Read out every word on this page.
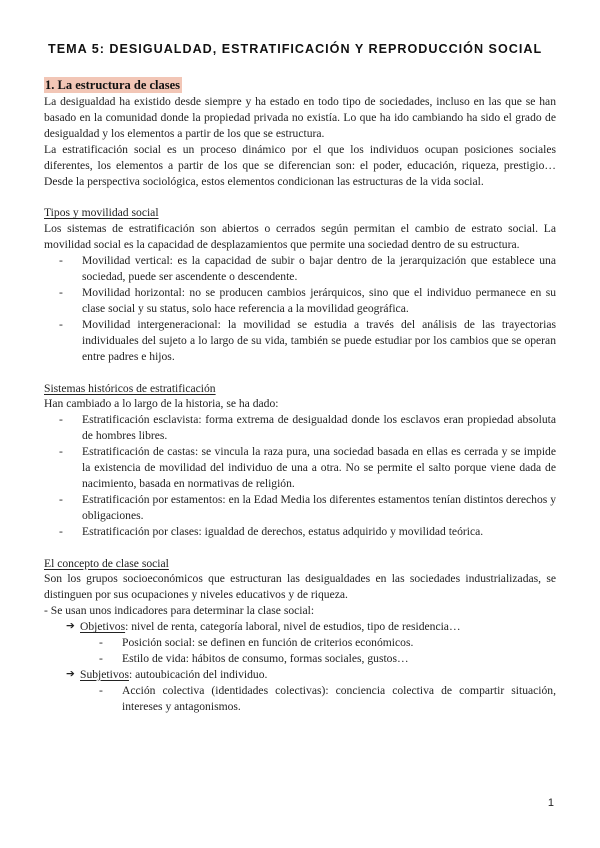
TEMA 5: DESIGUALDAD, ESTRATIFICACIÓN Y REPRODUCCIÓN SOCIAL
1. La estructura de clases

La desigualdad ha existido desde siempre y ha estado en todo tipo de sociedades, incluso en las que se han basado en la comunidad donde la propiedad privada no existía. Lo que ha ido cambiando ha sido el grado de desigualdad y los elementos a partir de los que se estructura.

La estratificación social es un proceso dinámico por el que los individuos ocupan posiciones sociales diferentes, los elementos a partir de los que se diferencian son: el poder, educación, riqueza, prestigio… Desde la perspectiva sociológica, estos elementos condicionan las estructuras de la vida social.

Tipos y movilidad social

Los sistemas de estratificación son abiertos o cerrados según permitan el cambio de estrato social. La movilidad social es la capacidad de desplazamientos que permite una sociedad dentro de su estructura.

- Movilidad vertical: es la capacidad de subir o bajar dentro de la jerarquización que establece una sociedad, puede ser ascendente o descendente.
- Movilidad horizontal: no se producen cambios jerárquicos, sino que el individuo permanece en su clase social y su status, solo hace referencia a la movilidad geográfica.
- Movilidad intergeneracional: la movilidad se estudia a través del análisis de las trayectorias individuales del sujeto a lo largo de su vida, también se puede estudiar por los cambios que se operan entre padres e hijos.
Sistemas históricos de estratificación

Han cambiado a lo largo de la historia, se ha dado:

- Estratificación esclavista: forma extrema de desigualdad donde los esclavos eran propiedad absoluta de hombres libres.
- Estratificación de castas: se vincula la raza pura, una sociedad basada en ellas es cerrada y se impide la existencia de movilidad del individuo de una a otra. No se permite el salto porque viene dada de nacimiento, basada en normativas de religión.
- Estratificación por estamentos: en la Edad Media los diferentes estamentos tenían distintos derechos y obligaciones.
- Estratificación por clases: igualdad de derechos, estatus adquirido y movilidad teórica.
El concepto de clase social

Son los grupos socioeconómicos que estructuran las desigualdades en las sociedades industrializadas, se distinguen por sus ocupaciones y niveles educativos y de riqueza.

- Se usan unos indicadores para determinar la clase social:

➔ Objetivos: nivel de renta, categoría laboral, nivel de estudios, tipo de residencia…
- Posición social: se definen en función de criterios económicos.
- Estilo de vida: hábitos de consumo, formas sociales, gustos…
➔ Subjetivos: autoubicación del individuo.
- Acción colectiva (identidades colectivas): conciencia colectiva de compartir situación, intereses y antagonismos.
1
